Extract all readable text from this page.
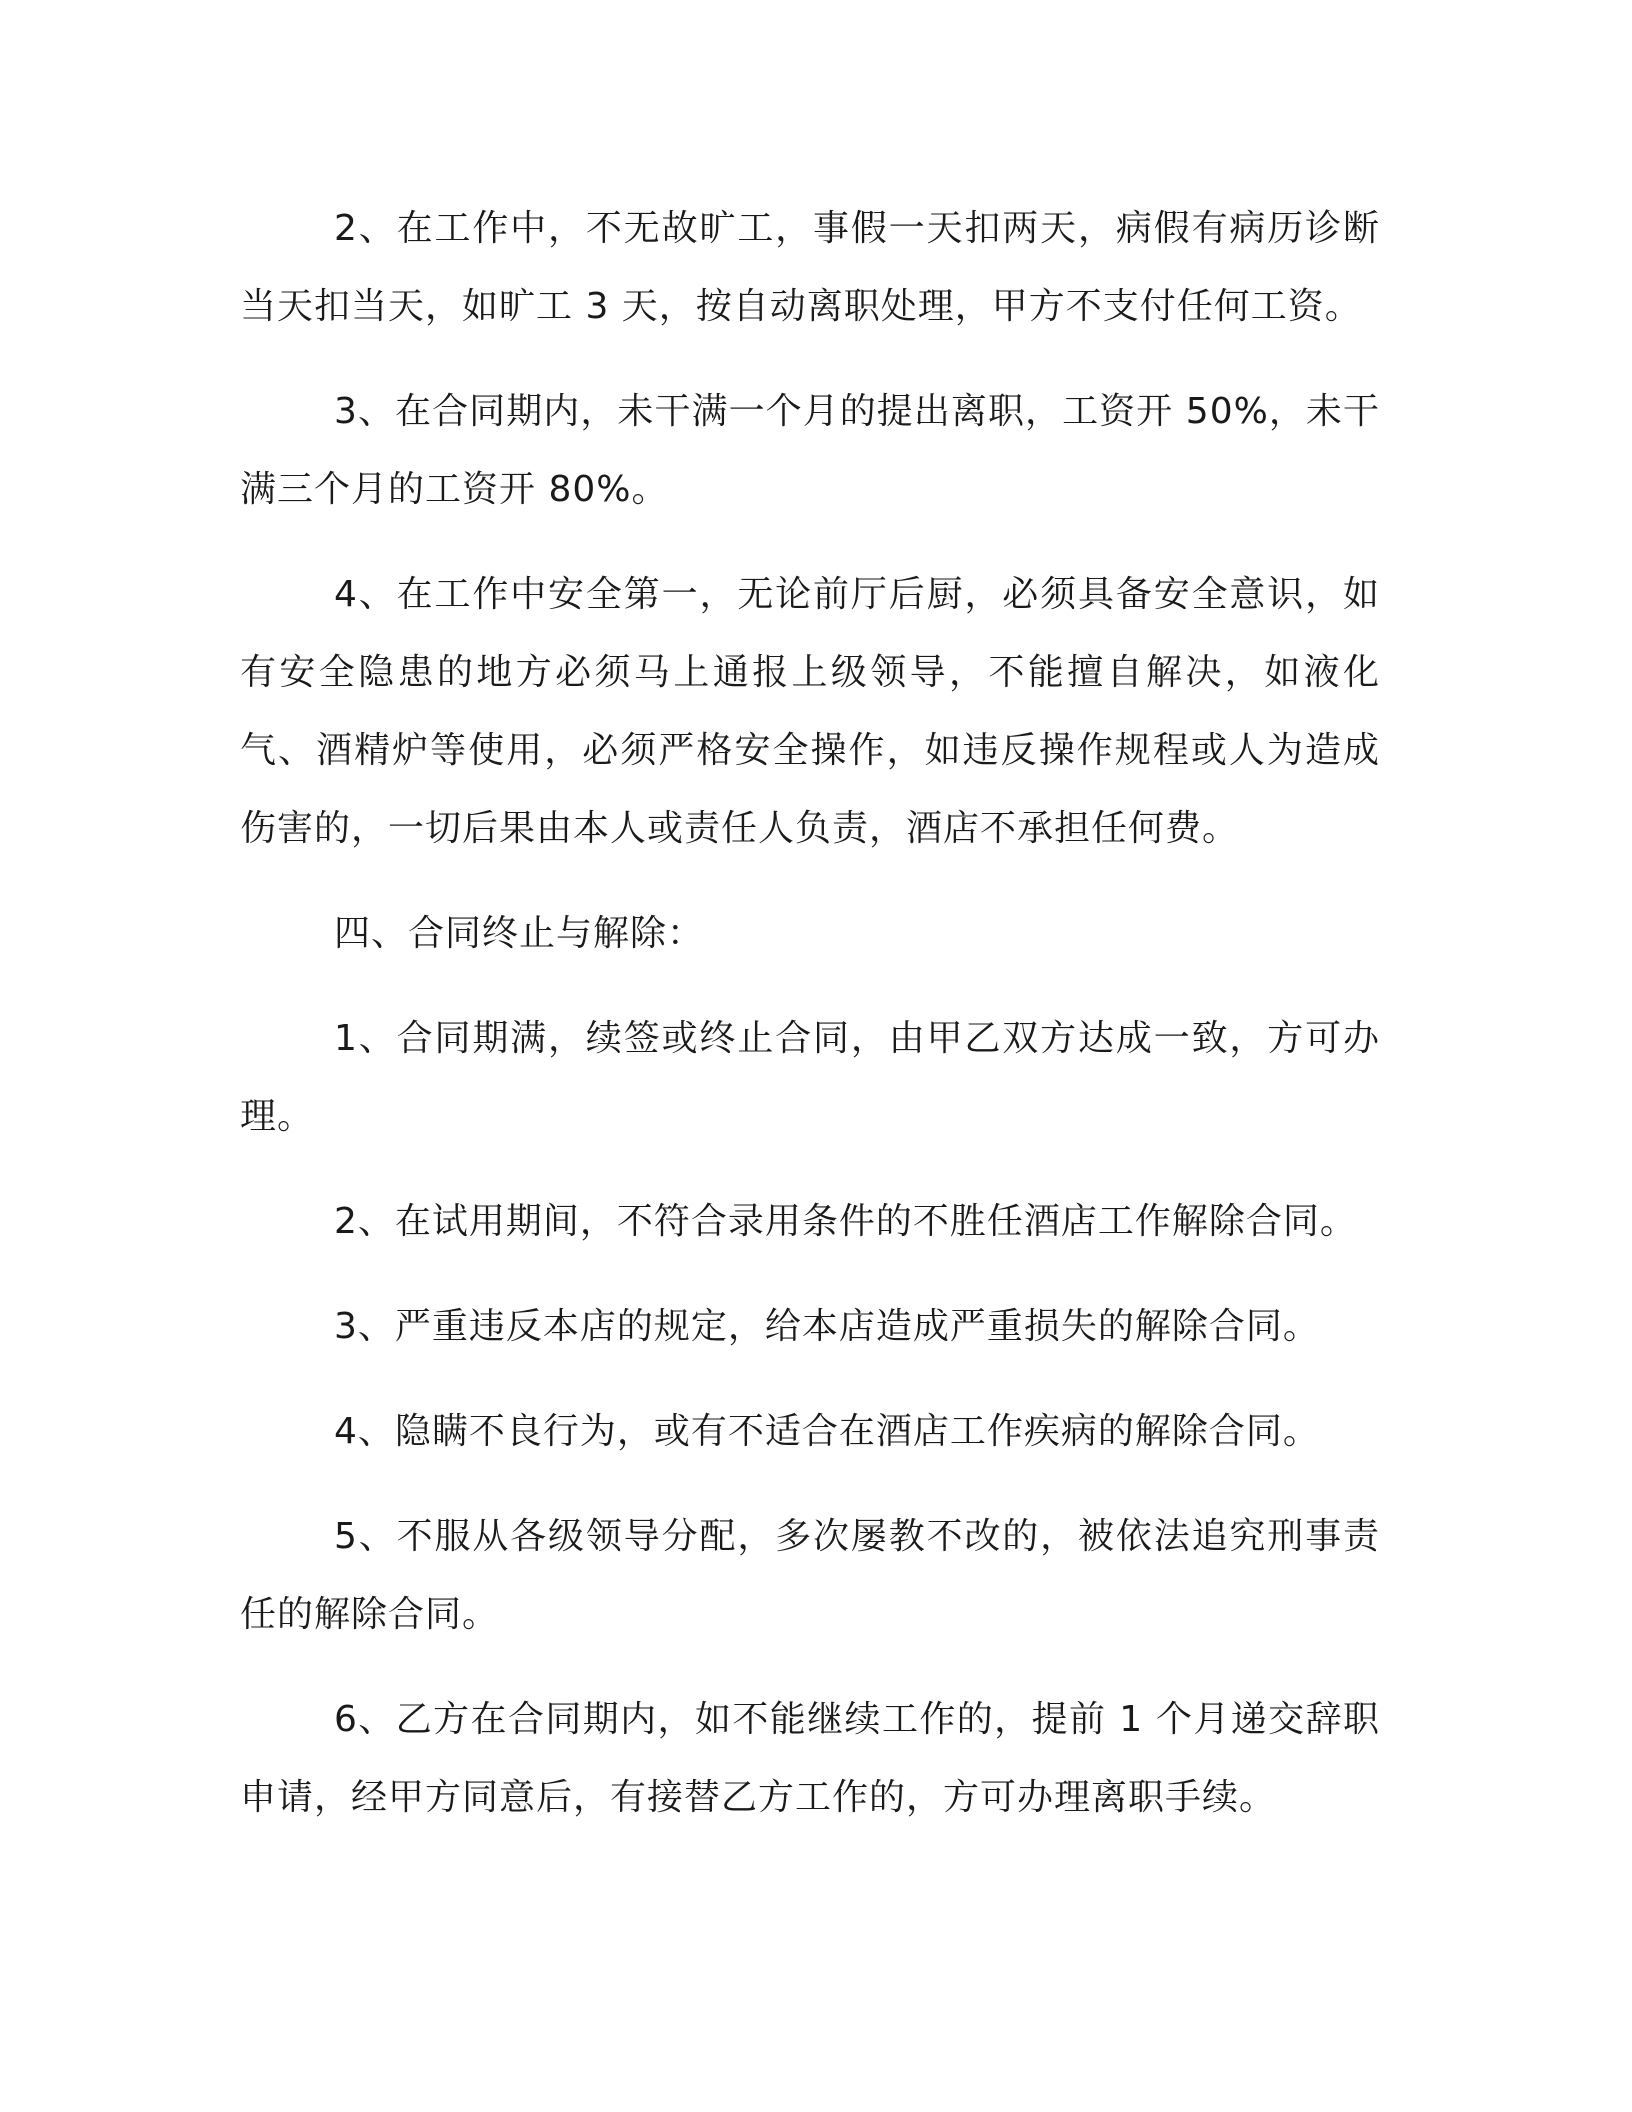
2、在工作中，不无故旷工，事假一天扣两天，病假有病历诊断当天扣当天，如旷工 3 天，按自动离职处理，甲方不支付任何工资。

3、在合同期内，未干满一个月的提出离职，工资开 50%，未干满三个月的工资开 80%。

4、在工作中安全第一，无论前厅后厨，必须具备安全意识，如有安全隐患的地方必须马上通报上级领导，不能擅自解决，如液化气、酒精炉等使用，必须严格安全操作，如违反操作规程或人为造成伤害的，一切后果由本人或责任人负责，酒店不承担任何费。

四、合同终止与解除：

1、合同期满，续签或终止合同，由甲乙双方达成一致，方可办理。

2、在试用期间，不符合录用条件的不胜任酒店工作解除合同。

3、严重违反本店的规定，给本店造成严重损失的解除合同。

4、隐瞒不良行为，或有不适合在酒店工作疾病的解除合同。

5、不服从各级领导分配，多次屡教不改的，被依法追究刑事责任的解除合同。

6、乙方在合同期内，如不能继续工作的，提前 1 个月递交辞职申请，经甲方同意后，有接替乙方工作的，方可办理离职手续。
